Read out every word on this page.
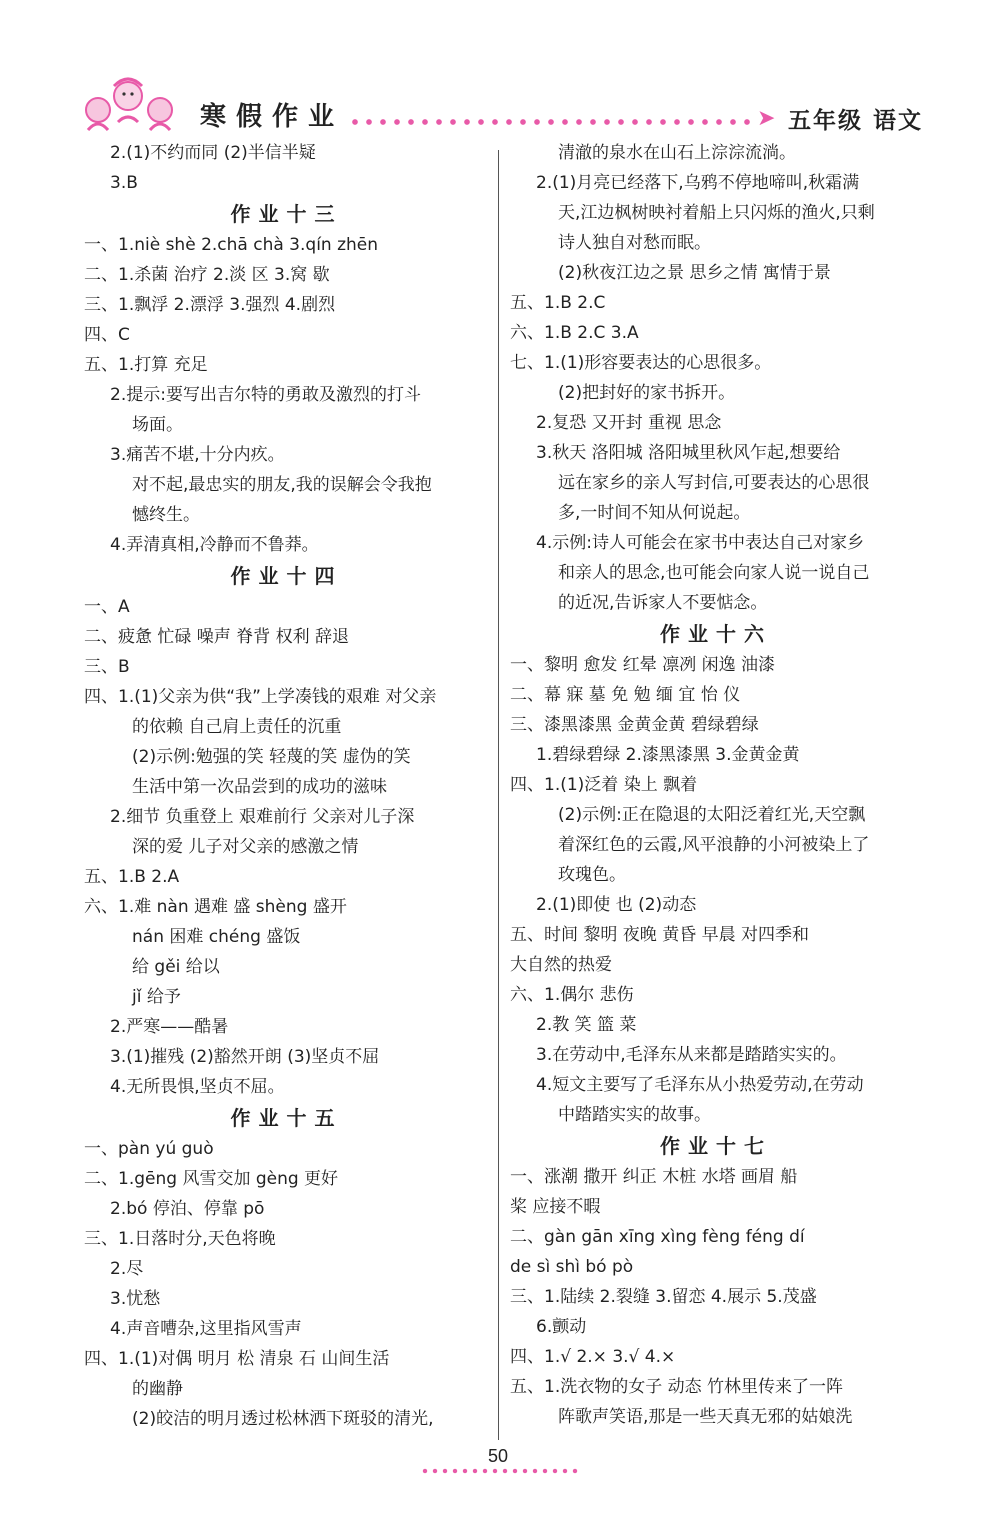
寒假作业	➤ 五年级 语文
2.(1)不约而同 (2)半信半疑
3.B
作业十三
一、1.niè shè 2.chā chà 3.qín zhēn
二、1.杀菌 治疗 2.淡 区 3.窝 歇
三、1.飘浮 2.漂浮 3.强烈 4.剧烈
四、C
五、1.打算 充足
2.提示:要写出吉尔特的勇敢及激烈的打斗
场面。
3.痛苦不堪,十分内疚。
对不起,最忠实的朋友,我的误解会令我抱
憾终生。
4.弄清真相,冷静而不鲁莽。
作业十四
一、A
二、疲惫 忙碌 噪声 脊背 权利 辞退
三、B
四、1.(1)父亲为供“我”上学凑钱的艰难 对父亲
的依赖 自己肩上责任的沉重
(2)示例:勉强的笑 轻蔑的笑 虚伪的笑
生活中第一次品尝到的成功的滋味
2.细节 负重登上 艰难前行 父亲对儿子深
深的爱 儿子对父亲的感激之情
五、1.B 2.A
六、1.难 nàn 遇难 盛 shèng 盛开
nán 困难 chéng 盛饭
给 gěi 给以
jǐ 给予
2.严寒——酷暑
3.(1)摧残 (2)豁然开朗 (3)坚贞不屈
4.无所畏惧,坚贞不屈。
作业十五
一、pàn yú guò
二、1.gēng 风雪交加 gèng 更好
2.bó 停泊、停靠 pō
三、1.日落时分,天色将晚
2.尽
3.忧愁
4.声音嘈杂,这里指风雪声
四、1.(1)对偶 明月 松 清泉 石 山间生活
的幽静
(2)皎洁的明月透过松林洒下斑驳的清光,
清澈的泉水在山石上淙淙流淌。
2.(1)月亮已经落下,乌鸦不停地啼叫,秋霜满
天,江边枫树映衬着船上只闪烁的渔火,只剩
诗人独自对愁而眠。
(2)秋夜江边之景 思乡之情 寓情于景
五、1.B 2.C
六、1.B 2.C 3.A
七、1.(1)形容要表达的心思很多。
(2)把封好的家书拆开。
2.复恐 又开封 重视 思念
3.秋天 洛阳城 洛阳城里秋风乍起,想要给
远在家乡的亲人写封信,可要表达的心思很
多,一时间不知从何说起。
4.示例:诗人可能会在家书中表达自己对家乡
和亲人的思念,也可能会向家人说一说自己
的近况,告诉家人不要惦念。
作业十六
一、黎明 愈发 红晕 凛冽 闲逸 油漆
二、幕 寐 墓 免 勉 缅 宜 怡 仪
三、漆黑漆黑 金黄金黄 碧绿碧绿
1.碧绿碧绿 2.漆黑漆黑 3.金黄金黄
四、1.(1)泛着 染上 飘着
(2)示例:正在隐退的太阳泛着红光,天空飘
着深红色的云霞,风平浪静的小河被染上了
玫瑰色。
2.(1)即使 也 (2)动态
五、时间 黎明 夜晚 黄昏 早晨 对四季和
大自然的热爱
六、1.偶尔 悲伤
2.教 笑 篮 菜
3.在劳动中,毛泽东从来都是踏踏实实的。
4.短文主要写了毛泽东从小热爱劳动,在劳动
中踏踏实实的故事。
作业十七
一、涨潮 撒开 纠正 木桩 水塔 画眉 船
桨 应接不暇
二、gàn gān xīng xìng fèng féng dí
de sì shì bó pò
三、1.陆续 2.裂缝 3.留恋 4.展示 5.茂盛
6.颤动
四、1.√ 2.× 3.√ 4.×
五、1.洗衣物的女子 动态 竹林里传来了一阵
阵歌声笑语,那是一些天真无邪的姑娘洗
50
